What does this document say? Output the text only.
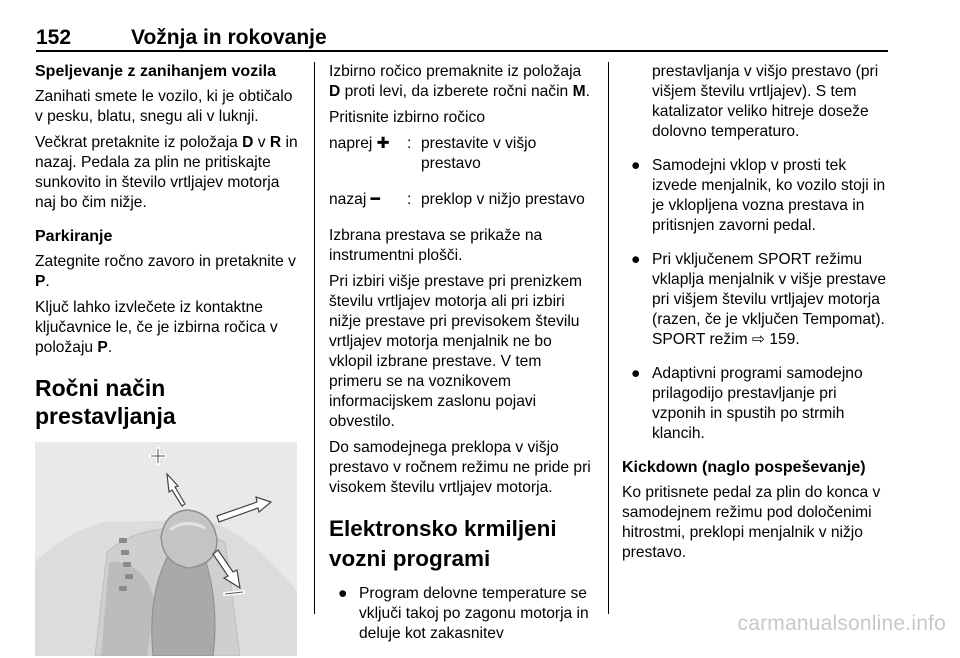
152	Vožnja in rokovanje
Speljevanje z zanihanjem vozila

Zanihati smete le vozilo, ki je obtičalo v pesku, blatu, snegu ali v luknji.

Večkrat pretaknite iz položaja D v R in nazaj. Pedala za plin ne pritiskajte sunkovito in število vrtljajev motorja naj bo čim nižje.

Parkiranje

Zategnite ročno zavoro in pretaknite v P.

Ključ lahko izvlečete iz kontaktne ključavnice le, če je izbirna ročica v položaju P.

Ročni način prestavljanja

Izbirno ročico premaknite iz položaja D proti levi, da izberete ročni način M.

Pritisnite izbirno ročico

naprej ✚	: prestavite v višjo prestavo
nazaj ━	: preklop v nižjo prestavo

Izbrana prestava se prikaže na instrumentni plošči.

Pri izbiri višje prestave pri prenizkem številu vrtljajev motorja ali pri izbiri nižje prestave pri previsokem številu vrtljajev motorja menjalnik ne bo vklopil izbrane prestave. V tem primeru se na voznikovem informacijskem zaslonu pojavi obvestilo.

Do samodejnega preklopa v višjo prestavo v ročnem režimu ne pride pri visokem številu vrtljajev motorja.

Elektronsko krmiljeni vozni programi
● Program delovne temperature se vključi takoj po zagonu motorja in deluje kot zakasnitev

prestavljanja v višjo prestavo (pri višjem številu vrtljajev). S tem katalizator veliko hitreje doseže dolovno temperaturo.

● Samodejni vklop v prosti tek izvede menjalnik, ko vozilo stoji in je vklopljena vozna prestava in pritisnjen zavorni pedal.
● Pri vključenem SPORT režimu vklaplja menjalnik v višje prestave pri višjem številu vrtljajev motorja (razen, če je vključen Tempomat). SPORT režim ⇨ 159.
● Adaptivni programi samodejno prilagodijo prestavljanje pri vzponih in spustih po strmih klancih.
Kickdown (naglo pospeševanje)

Ko pritisnete pedal za plin do konca v samodejnem režimu pod določenimi hitrostmi, preklopi menjalnik v nižjo prestavo.

carmanualsonline.info
